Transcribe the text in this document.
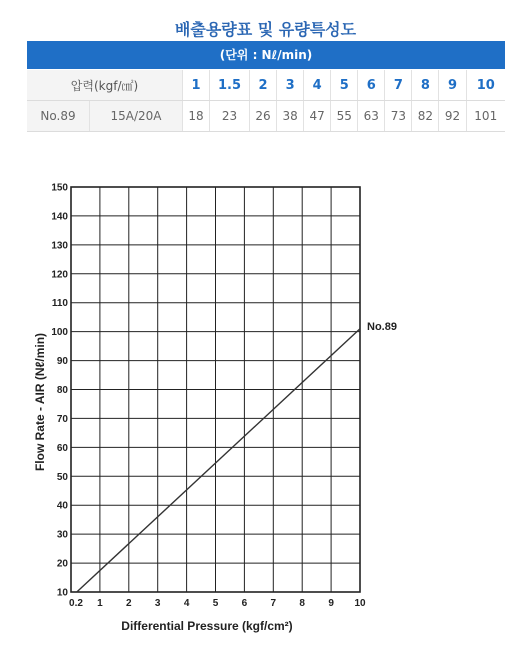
배출용량표 및 유량특성도
(단위 : Nℓ/min)
압력(kgf/㎠)		1	1.5	2	3	4	5	6	7	8	9	10
No.89	15A/20A	18	23	26	38	47	55	63	73	82	92	101
0.2 1 2 3 4 5 6 7 8 9 10
10
20
30
40
50
60
70
80
90
100
110
120
130
140
150
No.89
Differential Pressure (kgf/cm²)
Flow Rate - AIR (Nℓ/min)
